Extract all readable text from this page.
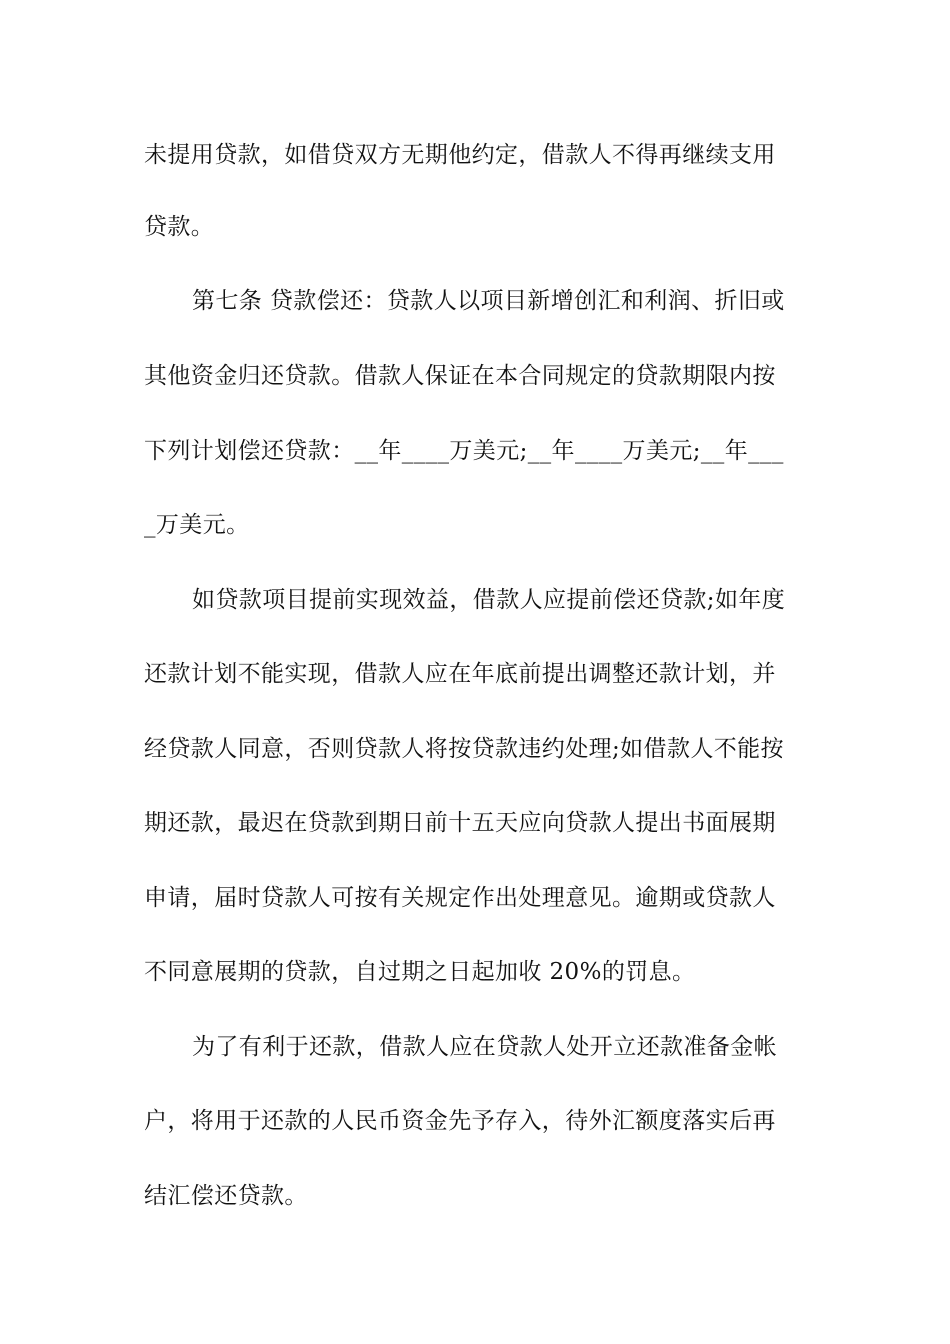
未提用贷款，如借贷双方无期他约定，借款人不得再继续支用
贷款。
第七条 贷款偿还：贷款人以项目新增创汇和利润、折旧或
其他资金归还贷款。借款人保证在本合同规定的贷款期限内按
下列计划偿还贷款：__年____万美元;__年____万美元;__年___
_万美元。
如贷款项目提前实现效益，借款人应提前偿还贷款;如年度
还款计划不能实现，借款人应在年底前提出调整还款计划，并
经贷款人同意，否则贷款人将按贷款违约处理;如借款人不能按
期还款，最迟在贷款到期日前十五天应向贷款人提出书面展期
申请，届时贷款人可按有关规定作出处理意见。逾期或贷款人
不同意展期的贷款，自过期之日起加收 20%的罚息。
为了有利于还款，借款人应在贷款人处开立还款准备金帐
户，将用于还款的人民币资金先予存入，待外汇额度落实后再
结汇偿还贷款。
